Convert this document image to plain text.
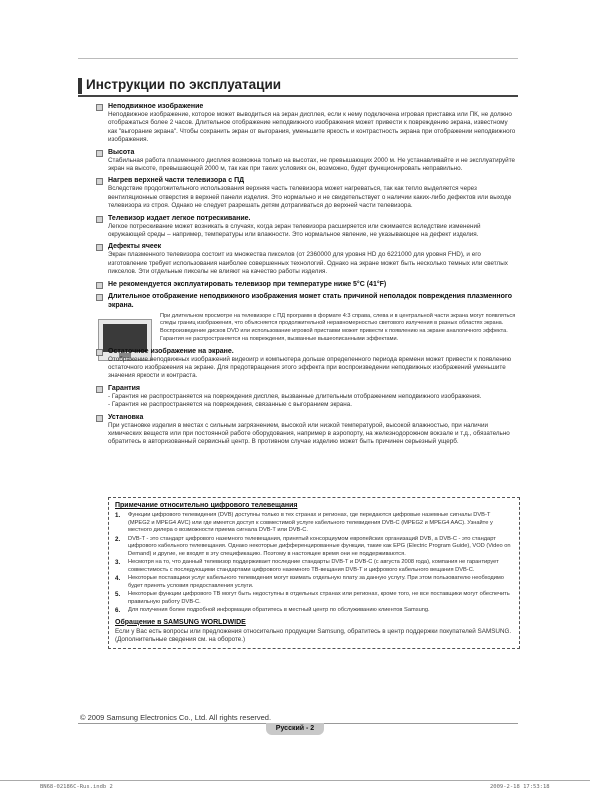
Инструкции по эксплуатации
Неподвижное изображение
Неподвижное изображение, которое может выводиться на экран дисплея, если к нему подключена игровая приставка или ПК, не должно отображаться более 2 часов. Длительное отображение неподвижного изображения может привести к повреждению экрана, известному как "выгорание экрана". Чтобы сохранить экран от выгорания, уменьшите яркость и контрастность экрана при отображении неподвижного изображения.
Высота
Стабильная работа плазменного дисплея возможна только на высотах, не превышающих 2000 м. Не устанавливайте и не эксплуатируйте экран на высоте, превышающей 2000 м, так как при таких условиях он, возможно, будет функционировать неправильно.
Нагрев верхней части телевизора с ПД
Вследствие продолжительного использования верхняя часть телевизора может нагреваться, так как тепло выделяется через вентиляционные отверстия в верхней панели изделия. Это нормально и не свидетельствует о наличии каких-либо дефектов или выходе телевизора из строя. Однако не следует разрешать детям дотрагиваться до верхней части телевизора.
Телевизор издает легкое потрескивание.
Легкое потрескивание может возникать в случаях, когда экран телевизора расширяется или сжимается вследствие изменений окружающей среды – например, температуры или влажности. Это нормальное явление, не указывающее на дефект изделия.
Дефекты ячеек
Экран плазменного телевизора состоит из множества пикселов (от 2360000 для уровня HD до 6221000 для уровня FHD), и его изготовление требует использования наиболее совершенных технологий. Однако на экране может быть несколько темных или светлых пикселов. Эти отдельные пикселы не влияют на качество работы изделия.
Не рекомендуется эксплуатировать телевизор при температуре ниже 5°C (41°F)
Длительное отображение неподвижного изображения может стать причиной неполадок повреждения плазменного экрана.
При длительном просмотре на телевизоре с ПД программ в формате 4:3 справа, слева и в центральной части экрана могут появляться следы границ изображения, что объясняется продолжительной неравномерностью светового излучения в разных областях экрана. Воспроизведение дисков DVD или использование игровой приставки может привести к появлению на экране аналогичного эффекта. Гарантия не распространяется на повреждения, вызванные вышеописанными эффектами.
Остаточное изображение на экране.
Отображение неподвижных изображений видеоигр и компьютера дольше определенного периода времени может привести к появлению остаточного изображения на экране. Для предотвращения этого эффекта при воспроизведении неподвижных изображений уменьшите значения яркости и контраста.
Гарантия
- Гарантия не распространяется на повреждения дисплея, вызванные длительным отображением неподвижного изображения.
- Гарантия не распространяется на повреждения, связанные с выгоранием экрана.
Установка
При установке изделия в местах с сильным загрязнением, высокой или низкой температурой, высокой влажностью, при наличии химических веществ или при постоянной работе оборудования, например в аэропорту, на железнодорожном вокзале и т.д., обязательно обратитесь в авторизованный сервисный центр. В противном случае изделию может быть причинен серьезный ущерб.
Примечание относительно цифрового телевещания
1. Функции цифрового телевидения (DVB) доступны только в тех странах и регионах, где передаются цифровые наземные сигналы DVB-T (MPEG2 и MPEG4 AVC) или где имеется доступ к совместимой услуге кабельного телевидения DVB-C (MPEG2 и MPEG4 AAC). Узнайте у местного дилера о возможности приема сигнала DVB-T или DVB-C.
2. DVB-T - это стандарт цифрового наземного телевещания, принятый консорциумом европейских организаций DVB, а DVB-C - это стандарт цифрового кабельного телевещания. Однако некоторые дифференцированные функции, такие как EPG (Electric Program Guide), VOD (Video on Demand) и другие, не входят в эту спецификацию. Поэтому в настоящее время они не поддерживаются.
3. Несмотря на то, что данный телевизор поддерживает последние стандарты DVB-T и DVB-C (с августа 2008 года), компания не гарантирует совместимость с последующими стандартами цифрового наземного ТВ-вещания DVB-T и цифрового кабельного вещания DVB-C.
4. Некоторые поставщики услуг кабельного телевидения могут взимать отдельную плату за данную услугу. При этом пользователю необходимо будет принять условия предоставления услуги.
5. Некоторые функции цифрового ТВ могут быть недоступны в отдельных странах или регионах, кроме того, не все поставщики могут обеспечить правильную работу DVB-C.
6. Для получения более подробной информации обратитесь в местный центр по обслуживанию клиентов Samsung.
Обращение в SAMSUNG WORLDWIDE
Если у Вас есть вопросы или предложения относительно продукции Samsung, обратитесь в центр поддержки покупателей SAMSUNG. (Дополнительные сведения см. на обороте.)
© 2009 Samsung Electronics Co., Ltd. All rights reserved.
Русский - 2
BN68-02186C-Rus.indb 2	2009-2-18 17:53:18
